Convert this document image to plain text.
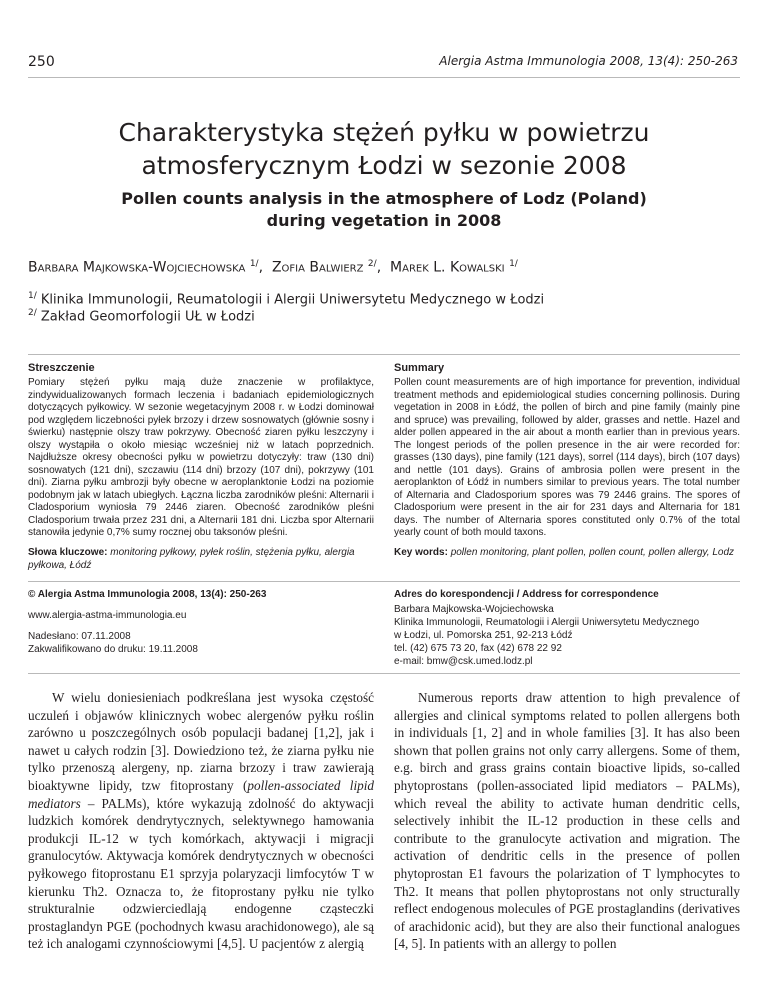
250	Alergia Astma Immunologia 2008, 13(4): 250-263
Charakterystyka stężeń pyłku w powietrzu
atmosferycznym Łodzi w sezonie 2008
Pollen counts analysis in the atmosphere of Lodz (Poland)
during vegetation in 2008
Barbara Majkowska-Wojciechowska $^{1/}$,  Zofia Balwierz $^{2/}$,  Marek L. Kowalski $^{1/}$
$^{1/}$ Klinika Immunologii, Reumatologii i Alergii Uniwersytetu Medycznego w Łodzi
$^{2/}$ Zakład Geomorfologii UŁ w Łodzi
Streszczenie

Pomiary stężeń pyłku mają duże znaczenie w profilaktyce, zindywidualizowanych formach leczenia i badaniach epidemiologicznych dotyczących pyłkowicy. W sezonie wegetacyjnym 2008 r. w Łodzi dominował pod względem liczebności pyłek brzozy i drzew sosnowatych (głównie sosny i świerku) następnie olszy traw pokrzywy. Obecność ziaren pyłku leszczyny i olszy wystąpiła o około miesiąc wcześniej niż w latach poprzednich. Najdłuższe okresy obecności pyłku w powietrzu dotyczyły: traw (130 dni) sosnowatych (121 dni), szczawiu (114 dni) brzozy (107 dni), pokrzywy (101 dni). Ziarna pyłku ambrozji były obecne w aeroplanktonie Łodzi na poziomie podobnym jak w latach ubiegłych. Łączna liczba zarodników pleśni: Alternarii i Cladosporium wyniosła 79 2446 ziaren. Obecność zarodników pleśni Cladosporium trwała przez 231 dni, a Alternarii 181 dni. Liczba spor Alternarii stanowiła jedynie 0,7% sumy rocznej obu taksonów pleśni.

Słowa kluczowe: monitoring pyłkowy, pyłek roślin, stężenia pyłku, alergia pyłkowa, Łódź
Summary

Pollen count measurements are of high importance for prevention, individual treatment methods and epidemiological studies concerning pollinosis. During vegetation in 2008 in Łódź, the pollen of birch and pine family (mainly pine and spruce) was prevailing, followed by alder, grasses and nettle. Hazel and alder pollen appeared in the air about a month earlier than in previous years. The longest periods of the pollen presence in the air were recorded for: grasses (130 days), pine family (121 days), sorrel (114 days), birch (107 days) and nettle (101 days). Grains of ambrosia pollen were present in the aeroplankton of Łódź in numbers similar to previous years. The total number of Alternaria and Cladosporium spores was 79 2446 grains. The spores of Cladosporium were present in the air for 231 days and Alternaria for 181 days. The number of Alternaria spores constituted only 0.7% of the total yearly count of both mould taxons.

Key words: pollen monitoring, plant pollen, pollen count, pollen allergy, Lodz
© Alergia Astma Immunologia 2008, 13(4): 250-263
www.alergia-astma-immunologia.eu
Nadesłano: 07.11.2008
Zakwalifikowano do druku: 19.11.2008
Adres do korespondencji / Address for correspondence
Barbara Majkowska-Wojciechowska
Klinika Immunologii, Reumatologii i Alergii Uniwersytetu Medycznego
w Łodzi, ul. Pomorska 251, 92-213 Łódź
tel. (42) 675 73 20, fax (42) 678 22 92
e-mail: bmw@csk.umed.lodz.pl

W wielu doniesieniach podkreślana jest wysoka częstość uczuleń i objawów klinicznych wobec alergenów pyłku roślin zarówno u poszczególnych osób populacji badanej [1,2], jak i nawet u całych rodzin [3]. Dowiedziono też, że ziarna pyłku nie tylko przenoszą alergeny, np. ziarna brzozy i traw zawierają bioaktywne lipidy, tzw fitoprostany (pollen-associated lipid mediators – PALMs), które wykazują zdolność do aktywacji ludzkich komórek dendrytycznych, selektywnego hamowania produkcji IL-12 w tych komórkach, aktywacji i migracji granulocytów. Aktywacja komórek dendrytycznych w obecności pyłkowego fitoprostanu E1 sprzyja polaryzacji limfocytów T w kierunku Th2. Oznacza to, że fitoprostany pyłku nie tylko strukturalnie odzwierciedlają endogenne cząsteczki prostaglandyn PGE (pochodnych kwasu arachidonowego), ale są też ich analogami czynnościowymi [4,5]. U pacjentów z alergią

Numerous reports draw attention to high prevalence of allergies and clinical symptoms related to pollen allergens both in individuals [1, 2] and in whole families [3]. It has also been shown that pollen grains not only carry allergens. Some of them, e.g. birch and grass grains contain bioactive lipids, so-called phytoprostans (pollen-associated lipid mediators – PALMs), which reveal the ability to activate human dendritic cells, selectively inhibit the IL-12 production in these cells and contribute to the granulocyte activation and migration. The activation of dendritic cells in the presence of pollen phytoprostan E1 favours the polarization of T lymphocytes to Th2. It means that pollen phytoprostans not only structurally reflect endogenous molecules of PGE prostaglandins (derivatives of arachidonic acid), but they are also their functional analogues [4, 5]. In patients with an allergy to pollen
